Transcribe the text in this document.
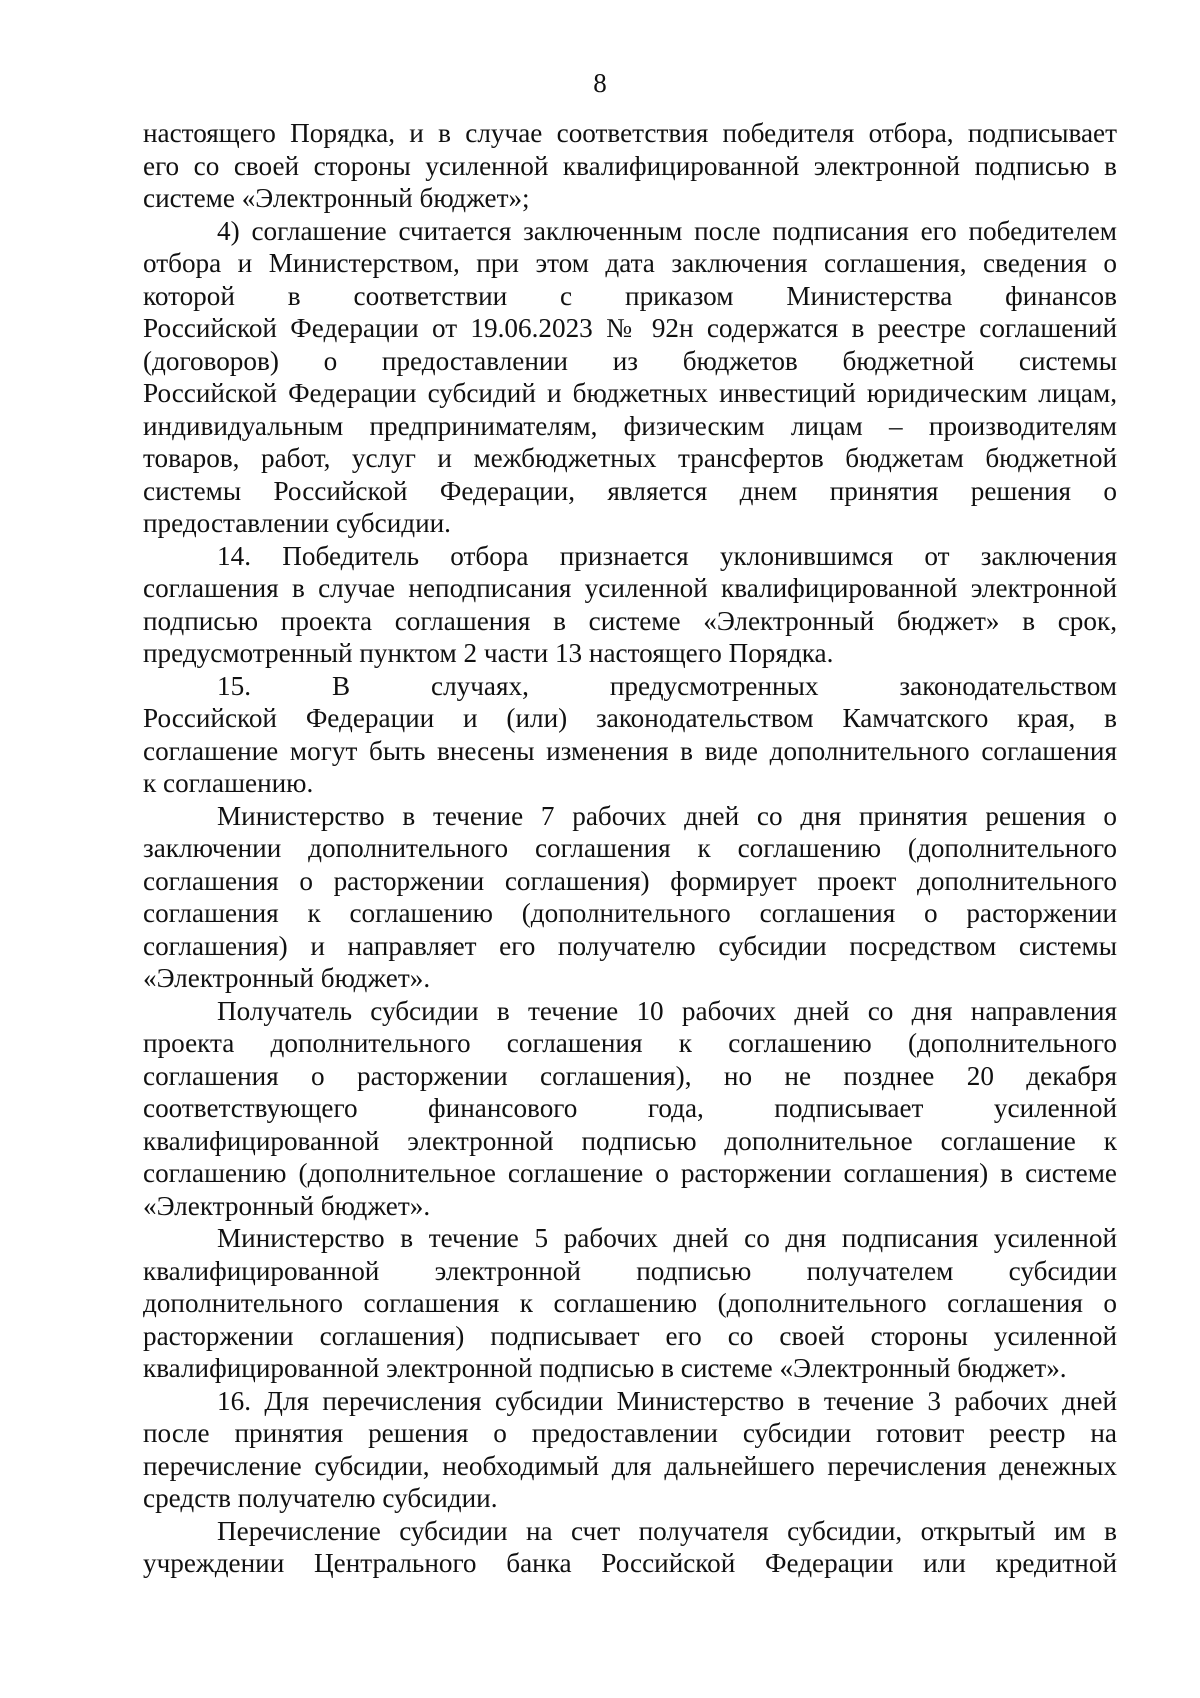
8
настоящего Порядка, и в случае соответствия победителя отбора, подписывает
его со своей стороны усиленной квалифицированной электронной подписью в
системе «Электронный бюджет»;
4) соглашение считается заключенным после подписания его победителем
отбора и Министерством, при этом дата заключения соглашения, сведения о
которой в соответствии с приказом Министерства финансов
Российской Федерации от 19.06.2023 № 92н содержатся в реестре соглашений
(договоров) о предоставлении из бюджетов бюджетной системы
Российской Федерации субсидий и бюджетных инвестиций юридическим лицам,
индивидуальным предпринимателям, физическим лицам – производителям
товаров, работ, услуг и межбюджетных трансфертов бюджетам бюджетной
системы Российской Федерации, является днем принятия решения о
предоставлении субсидии.
14. Победитель отбора признается уклонившимся от заключения
соглашения в случае неподписания усиленной квалифицированной электронной
подписью проекта соглашения в системе «Электронный бюджет» в срок,
предусмотренный пунктом 2 части 13 настоящего Порядка.
15. В случаях, предусмотренных законодательством
Российской Федерации и (или) законодательством Камчатского края, в
соглашение могут быть внесены изменения в виде дополнительного соглашения
к соглашению.
Министерство в течение 7 рабочих дней со дня принятия решения о
заключении дополнительного соглашения к соглашению (дополнительного
соглашения о расторжении соглашения) формирует проект дополнительного
соглашения к соглашению (дополнительного соглашения о расторжении
соглашения) и направляет его получателю субсидии посредством системы
«Электронный бюджет».
Получатель субсидии в течение 10 рабочих дней со дня направления
проекта дополнительного соглашения к соглашению (дополнительного
соглашения о расторжении соглашения), но не позднее 20 декабря
соответствующего финансового года, подписывает усиленной
квалифицированной электронной подписью дополнительное соглашение к
соглашению (дополнительное соглашение о расторжении соглашения) в системе
«Электронный бюджет».
Министерство в течение 5 рабочих дней со дня подписания усиленной
квалифицированной электронной подписью получателем субсидии
дополнительного соглашения к соглашению (дополнительного соглашения о
расторжении соглашения) подписывает его со своей стороны усиленной
квалифицированной электронной подписью в системе «Электронный бюджет».
16. Для перечисления субсидии Министерство в течение 3 рабочих дней
после принятия решения о предоставлении субсидии готовит реестр на
перечисление субсидии, необходимый для дальнейшего перечисления денежных
средств получателю субсидии.
Перечисление субсидии на счет получателя субсидии, открытый им в
учреждении Центрального банка Российской Федерации или кредитной
